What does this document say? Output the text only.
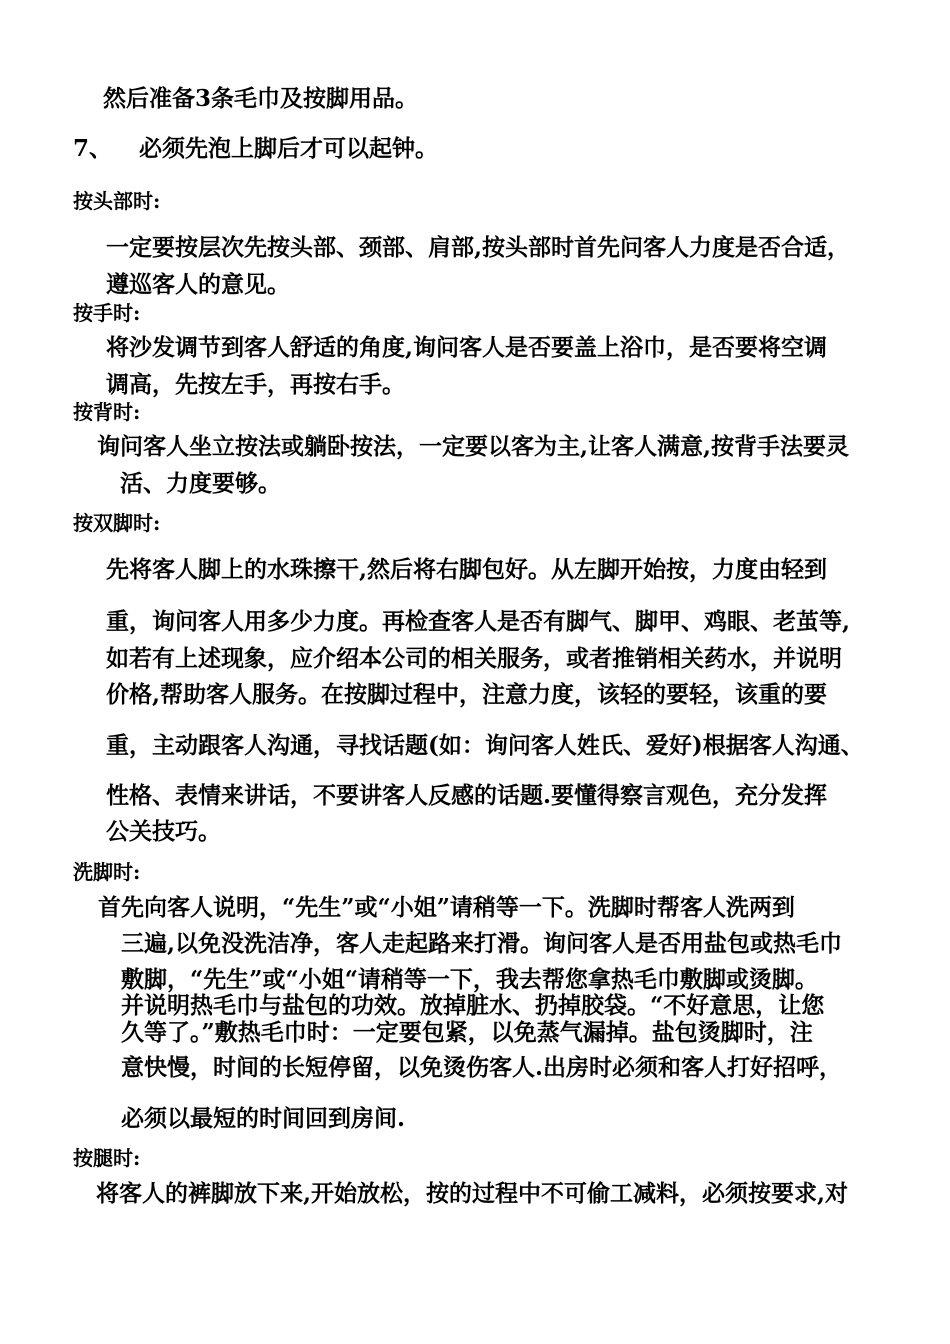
然后准备3条毛巾及按脚用品。
7、 必须先泡上脚后才可以起钟。
按头部时:
一定要按层次先按头部、颈部、肩部,按头部时首先问客人力度是否合适，
遵巡客人的意见。
按手时:
将沙发调节到客人舒适的角度,询问客人是否要盖上浴巾，是否要将空调
调高，先按左手，再按右手。
按背时:
询问客人坐立按法或躺卧按法，一定要以客为主,让客人满意,按背手法要灵
活、力度要够。
按双脚时:
先将客人脚上的水珠擦干,然后将右脚包好。从左脚开始按，力度由轻到
重，询问客人用多少力度。再检查客人是否有脚气、脚甲、鸡眼、老茧等,
如若有上述现象，应介绍本公司的相关服务，或者推销相关药水，并说明
价格,帮助客人服务。在按脚过程中，注意力度，该轻的要轻，该重的要
重，主动跟客人沟通，寻找话题(如：询问客人姓氏、爱好)根据客人沟通、
性格、表情来讲话，不要讲客人反感的话题.要懂得察言观色，充分发挥
公关技巧。
洗脚时:
首先向客人说明，“先生”或“小姐”请稍等一下。洗脚时帮客人洗两到
三遍,以免没洗洁净，客人走起路来打滑。询问客人是否用盐包或热毛巾
敷脚，“先生”或“小姐“请稍等一下，我去帮您拿热毛巾敷脚或烫脚。
并说明热毛巾与盐包的功效。放掉脏水、扔掉胶袋。“不好意思，让您
久等了。”敷热毛巾时：一定要包紧，以免蒸气漏掉。盐包烫脚时，注
意快慢，时间的长短停留，以免烫伤客人.出房时必须和客人打好招呼，
必须以最短的时间回到房间.
按腿时:
将客人的裤脚放下来,开始放松，按的过程中不可偷工减料，必须按要求,对
